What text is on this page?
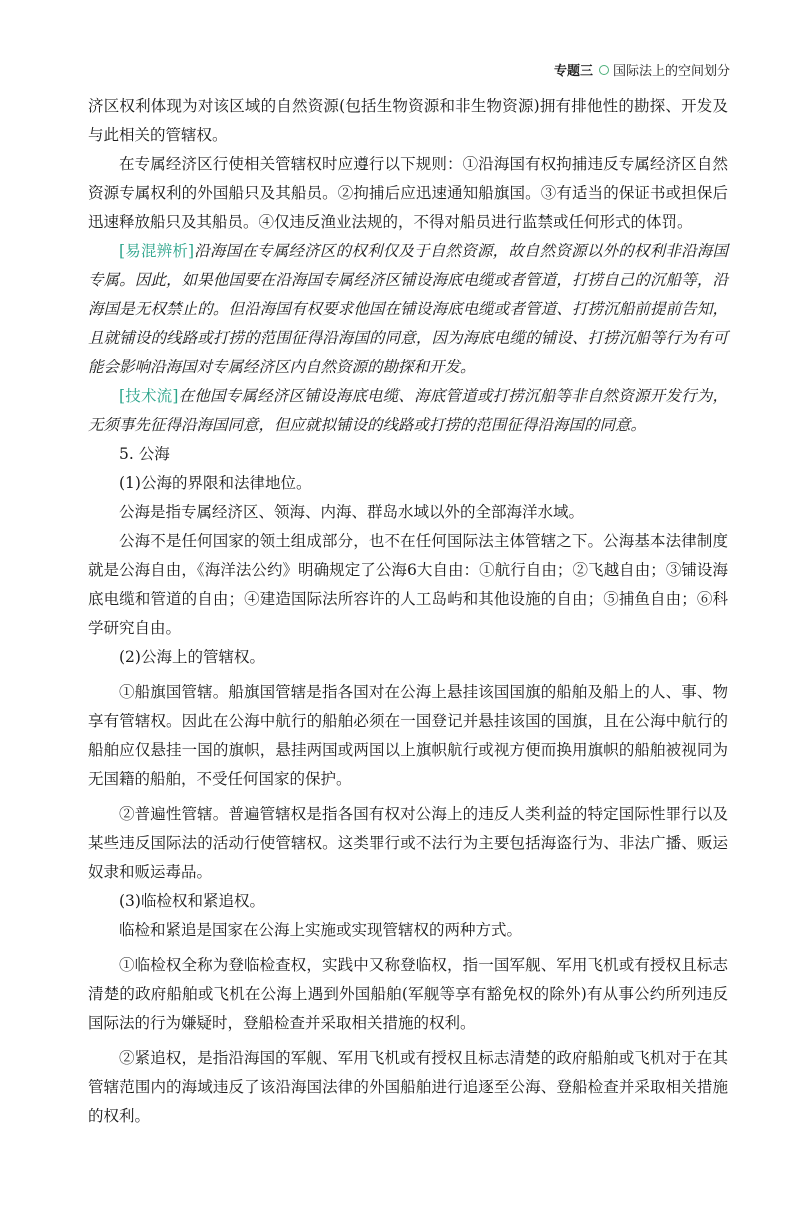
专题三 国际法上的空间划分

济区权利体现为对该区域的自然资源(包括生物资源和非生物资源)拥有排他性的勘探、开发及与此相关的管辖权。

在专属经济区行使相关管辖权时应遵行以下规则：①沿海国有权拘捕违反专属经济区自然资源专属权利的外国船只及其船员。②拘捕后应迅速通知船旗国。③有适当的保证书或担保后迅速释放船只及其船员。④仅违反渔业法规的，不得对船员进行监禁或任何形式的体罚。

[易混辨析]沿海国在专属经济区的权利仅及于自然资源，故自然资源以外的权利非沿海国专属。因此，如果他国要在沿海国专属经济区铺设海底电缆或者管道，打捞自己的沉船等，沿海国是无权禁止的。但沿海国有权要求他国在铺设海底电缆或者管道、打捞沉船前提前告知，且就铺设的线路或打捞的范围征得沿海国的同意，因为海底电缆的铺设、打捞沉船等行为有可能会影响沿海国对专属经济区内自然资源的勘探和开发。

[技术流]在他国专属经济区铺设海底电缆、海底管道或打捞沉船等非自然资源开发行为，无须事先征得沿海国同意，但应就拟铺设的线路或打捞的范围征得沿海国的同意。

5. 公海

(1)公海的界限和法律地位。

公海是指专属经济区、领海、内海、群岛水域以外的全部海洋水域。

公海不是任何国家的领土组成部分，也不在任何国际法主体管辖之下。公海基本法律制度就是公海自由，《海洋法公约》明确规定了公海6大自由：①航行自由；②飞越自由；③铺设海底电缆和管道的自由；④建造国际法所容许的人工岛屿和其他设施的自由；⑤捕鱼自由；⑥科学研究自由。

(2)公海上的管辖权。

①船旗国管辖。船旗国管辖是指各国对在公海上悬挂该国国旗的船舶及船上的人、事、物享有管辖权。因此在公海中航行的船舶必须在一国登记并悬挂该国的国旗，且在公海中航行的船舶应仅悬挂一国的旗帜，悬挂两国或两国以上旗帜航行或视方便而换用旗帜的船舶被视同为无国籍的船舶，不受任何国家的保护。

②普遍性管辖。普遍管辖权是指各国有权对公海上的违反人类利益的特定国际性罪行以及某些违反国际法的活动行使管辖权。这类罪行或不法行为主要包括海盗行为、非法广播、贩运奴隶和贩运毒品。

(3)临检权和紧追权。

临检和紧追是国家在公海上实施或实现管辖权的两种方式。

①临检权全称为登临检查权，实践中又称登临权，指一国军舰、军用飞机或有授权且标志清楚的政府船舶或飞机在公海上遇到外国船舶(军舰等享有豁免权的除外)有从事公约所列违反国际法的行为嫌疑时，登船检查并采取相关措施的权利。

②紧追权，是指沿海国的军舰、军用飞机或有授权且标志清楚的政府船舶或飞机对于在其管辖范围内的海域违反了该沿海国法律的外国船舶进行追逐至公海、登船检查并采取相关措施的权利。
